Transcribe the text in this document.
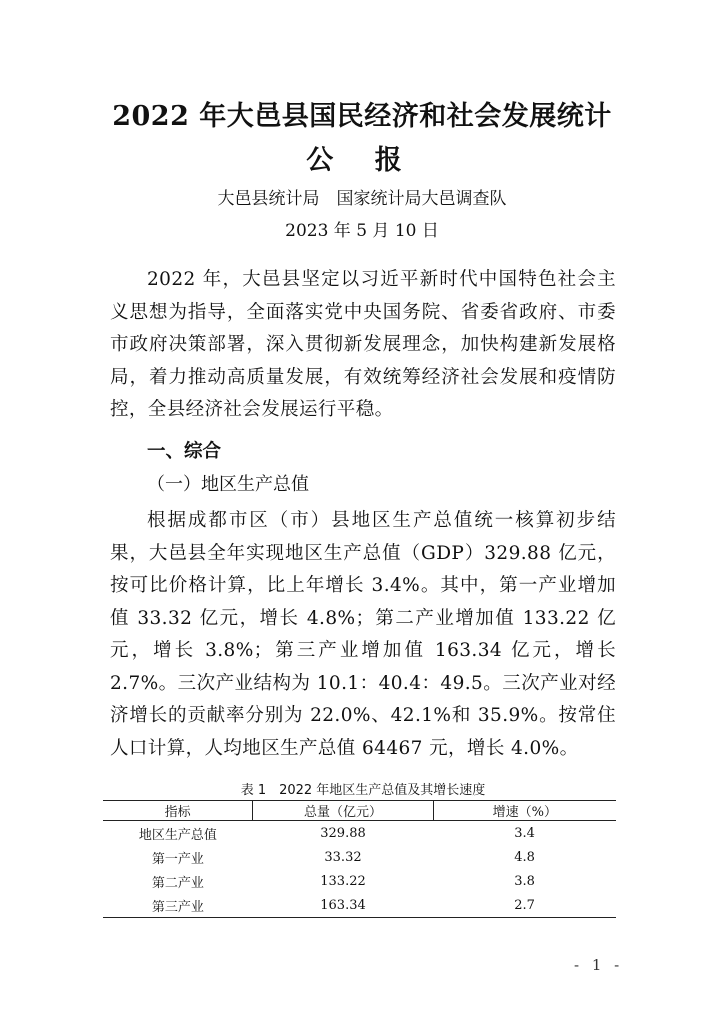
2022 年大邑县国民经济和社会发展统计
公 报
大邑县统计局　国家统计局大邑调查队
2023 年 5 月 10 日
2022 年，大邑县坚定以习近平新时代中国特色社会主义思想为指导，全面落实党中央国务院、省委省政府、市委市政府决策部署，深入贯彻新发展理念，加快构建新发展格局，着力推动高质量发展，有效统筹经济社会发展和疫情防控，全县经济社会发展运行平稳。
一、综合
（一）地区生产总值
根据成都市区（市）县地区生产总值统一核算初步结果，大邑县全年实现地区生产总值（GDP）329.88 亿元，按可比价格计算，比上年增长 3.4%。其中，第一产业增加值 33.32 亿元，增长 4.8%；第二产业增加值 133.22 亿元，增长 3.8%；第三产业增加值 163.34 亿元，增长 2.7%。三次产业结构为 10.1：40.4：49.5。三次产业对经济增长的贡献率分别为 22.0%、42.1%和 35.9%。按常住人口计算，人均地区生产总值 64467 元，增长 4.0%。
表 1　2022 年地区生产总值及其增长速度
指标	总量（亿元）	增速（%）
地区生产总值	329.88	3.4
第一产业	33.32	4.8
第二产业	133.22	3.8
第三产业	163.34	2.7
- 1 -
